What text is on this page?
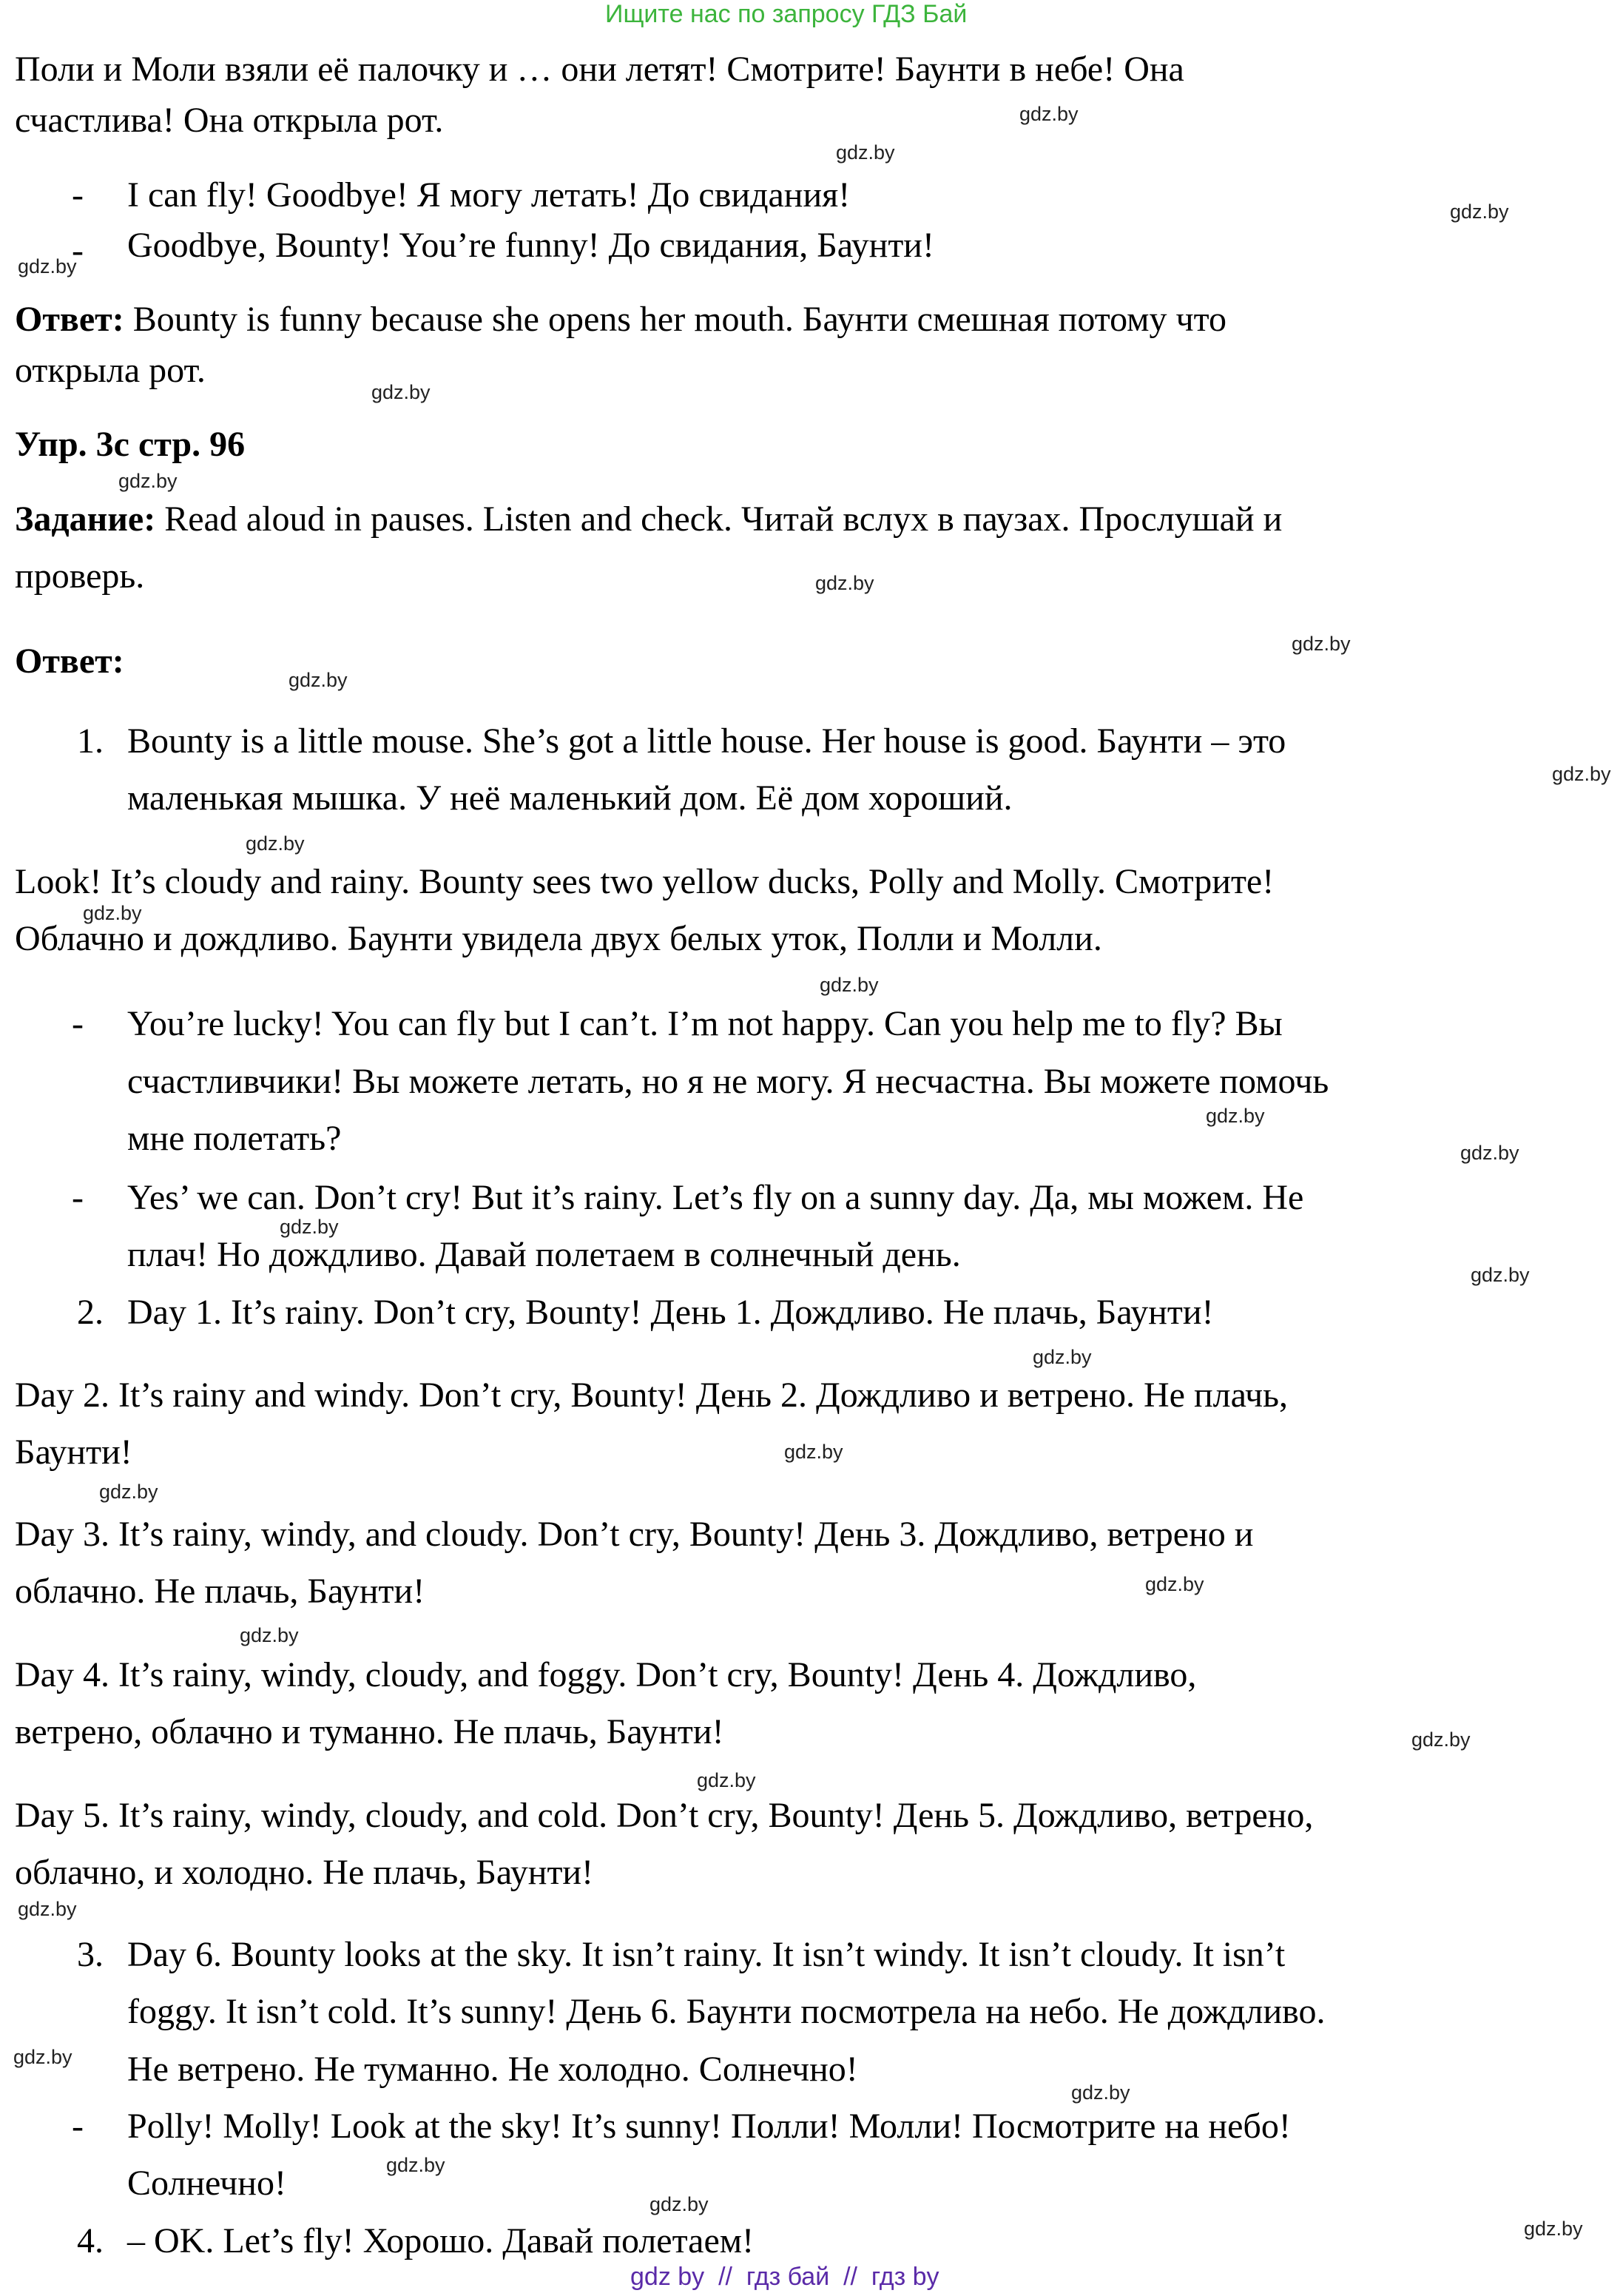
Ищите нас по запросу ГДЗ Бай
Поли и Моли взяли её палочку и … они летят! Смотрите! Баунти в небе! Она
счастлива! Она открыла рот.
- I can fly! Goodbye! Я могу летать! До свидания!
- Goodbye, Bounty! You’re funny! До свидания, Баунти!
Ответ: Bounty is funny because she opens her mouth. Баунти смешная потому что
открыла рот.
Упр. 3с стр. 96
Задание: Read aloud in pauses. Listen and check. Читай вслух в паузах. Прослушай и
проверь.
Ответ:
1. Bounty is a little mouse. She’s got a little house. Her house is good. Баунти – это
маленькая мышка. У неё маленький дом. Её дом хороший.
Look! It’s cloudy and rainy. Bounty sees two yellow ducks, Polly and Molly. Смотрите!
Облачно и дождливо. Баунти увидела двух белых уток, Полли и Молли.
- You’re lucky! You can fly but I can’t. I’m not happy. Can you help me to fly? Вы
счастливчики! Вы можете летать, но я не могу. Я несчастна. Вы можете помочь
мне полетать?
- Yes’ we can. Don’t cry! But it’s rainy. Let’s fly on a sunny day. Да, мы можем. Не
плач! Но дождливо. Давай полетаем в солнечный день.
2. Day 1. It’s rainy. Don’t cry, Bounty! День 1. Дождливо. Не плачь, Баунти!
Day 2. It’s rainy and windy. Don’t cry, Bounty! День 2. Дождливо и ветрено. Не плачь,
Баунти!
Day 3. It’s rainy, windy, and cloudy. Don’t cry, Bounty! День 3. Дождливо, ветрено и
облачно. Не плачь, Баунти!
Day 4. It’s rainy, windy, cloudy, and foggy. Don’t cry, Bounty! День 4. Дождливо,
ветрено, облачно и туманно. Не плачь, Баунти!
Day 5. It’s rainy, windy, cloudy, and cold. Don’t cry, Bounty! День 5. Дождливо, ветрено,
облачно, и холодно. Не плачь, Баунти!
3. Day 6. Bounty looks at the sky. It isn’t rainy. It isn’t windy. It isn’t cloudy. It isn’t
foggy. It isn’t cold. It’s sunny! День 6. Баунти посмотрела на небо. Не дождливо.
Не ветрено. Не туманно. Не холодно. Солнечно!
- Polly! Molly! Look at the sky! It’s sunny! Полли! Молли! Посмотрите на небо!
Солнечно!
4. – OK. Let’s fly! Хорошо. Давай полетаем!
gdz.by
gdz.by
gdz.by
gdz.by
gdz.by
gdz.by
gdz.by
gdz.by
gdz.by
gdz.by
gdz.by
gdz.by
gdz.by
gdz.by
gdz.by
gdz.by
gdz.by
gdz.by
gdz.by
gdz.by
gdz.by
gdz.by
gdz.by
gdz.by
gdz.by
gdz.by
gdz.by
gdz.by
gdz.by
gdz.by
gdz by  //  гдз бай  //  гдз by
